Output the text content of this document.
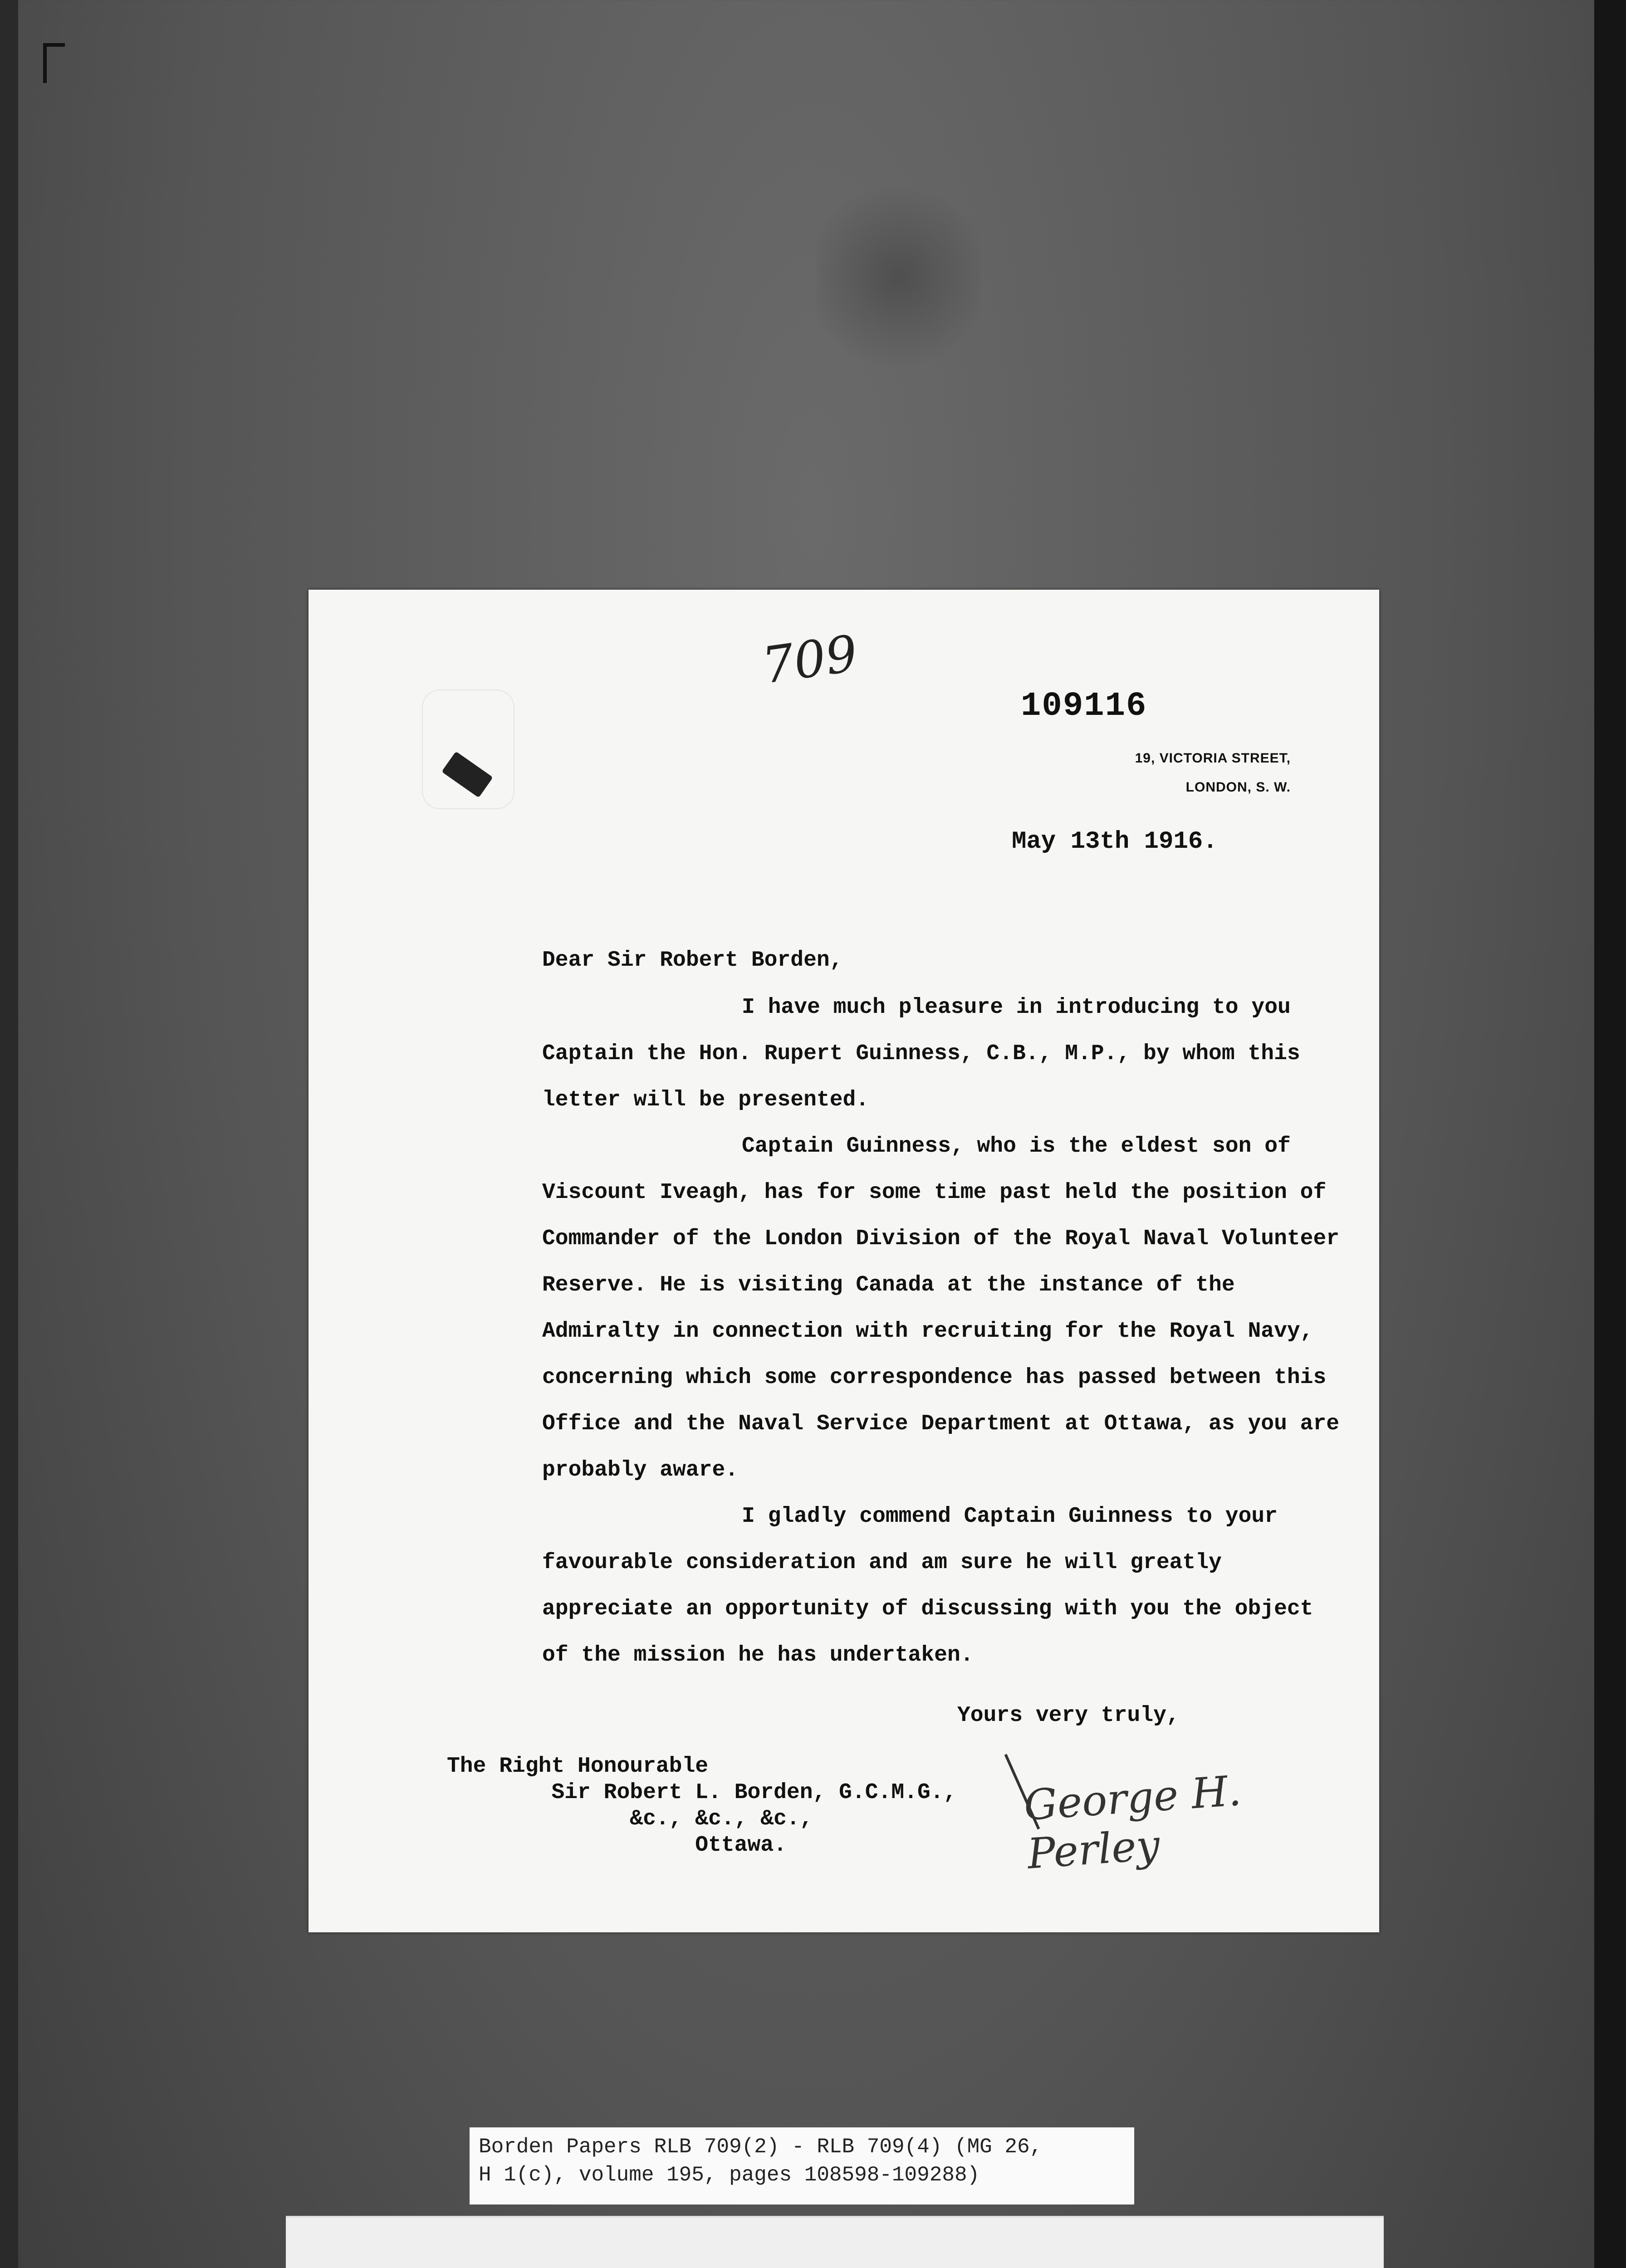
709
109116
19, VICTORIA STREET,
LONDON, S. W.
May 13th 1916.
Dear Sir Robert Borden,

I have much pleasure in introducing to you Captain the Hon. Rupert Guinness, C.B., M.P., by whom this letter will be presented.

Captain Guinness, who is the eldest son of Viscount Iveagh, has for some time past held the position of Commander of the London Division of the Royal Naval Volunteer Reserve. He is visiting Canada at the instance of the Admiralty in connection with recruiting for the Royal Navy, concerning which some correspondence has passed between this Office and the Naval Service Department at Ottawa, as you are probably aware.

I gladly commend Captain Guinness to your favourable consideration and am sure he will greatly appreciate an opportunity of discussing with you the object of the mission he has undertaken.

Yours very truly,
The Right Honourable
Sir Robert L. Borden, G.C.M.G.,
&c., &c., &c.,
Ottawa.
George H. Perley
Borden Papers RLB 709(2) - RLB 709(4) (MG 26,
H 1(c), volume 195, pages 108598-109288)
